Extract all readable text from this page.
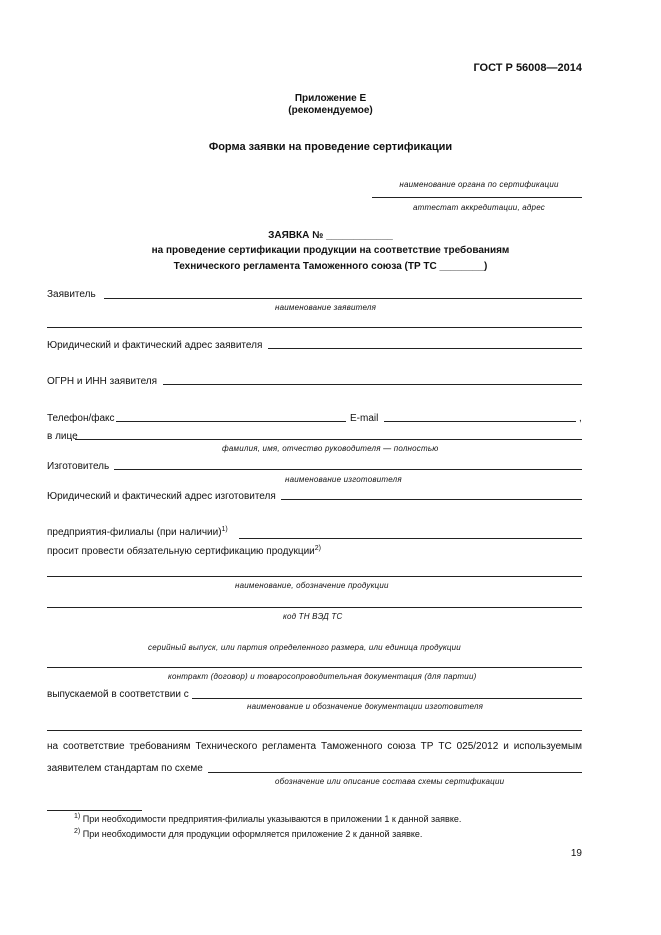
ГОСТ Р 56008—2014
Приложение Е
(рекомендуемое)
Форма заявки на проведение сертификации
наименование органа по сертификации
аттестат аккредитации, адрес
ЗАЯВКА № ____________
на проведение сертификации продукции на соответствие требованиям
Технического регламента Таможенного союза (ТР ТС ________)
Заявитель
наименование заявителя
Юридический и фактический адрес заявителя
ОГРН и ИНН заявителя
Телефон/факс	E-mail	,
в лице
фамилия, имя, отчество руководителя — полностью
Изготовитель
наименование изготовителя
Юридический и фактический адрес изготовителя
предприятия-филиалы (при наличии)$^{1)}$
просит провести обязательную сертификацию продукции$^{2)}$
наименование, обозначение продукции
код ТН ВЭД ТС
серийный выпуск, или партия определенного размера, или единица продукции
контракт (договор) и товаросопроводительная документация (для партии)
выпускаемой в соответствии с
наименование и обозначение документации изготовителя
на соответствие требованиям Технического регламента Таможенного союза ТР ТС 025/2012 и используемым
заявителем стандартам по схеме
обозначение или описание состава схемы сертификации
$^{1)}$ При необходимости предприятия-филиалы указываются в приложении 1 к данной заявке.
$^{2)}$ При необходимости для продукции оформляется приложение 2 к данной заявке.
19
